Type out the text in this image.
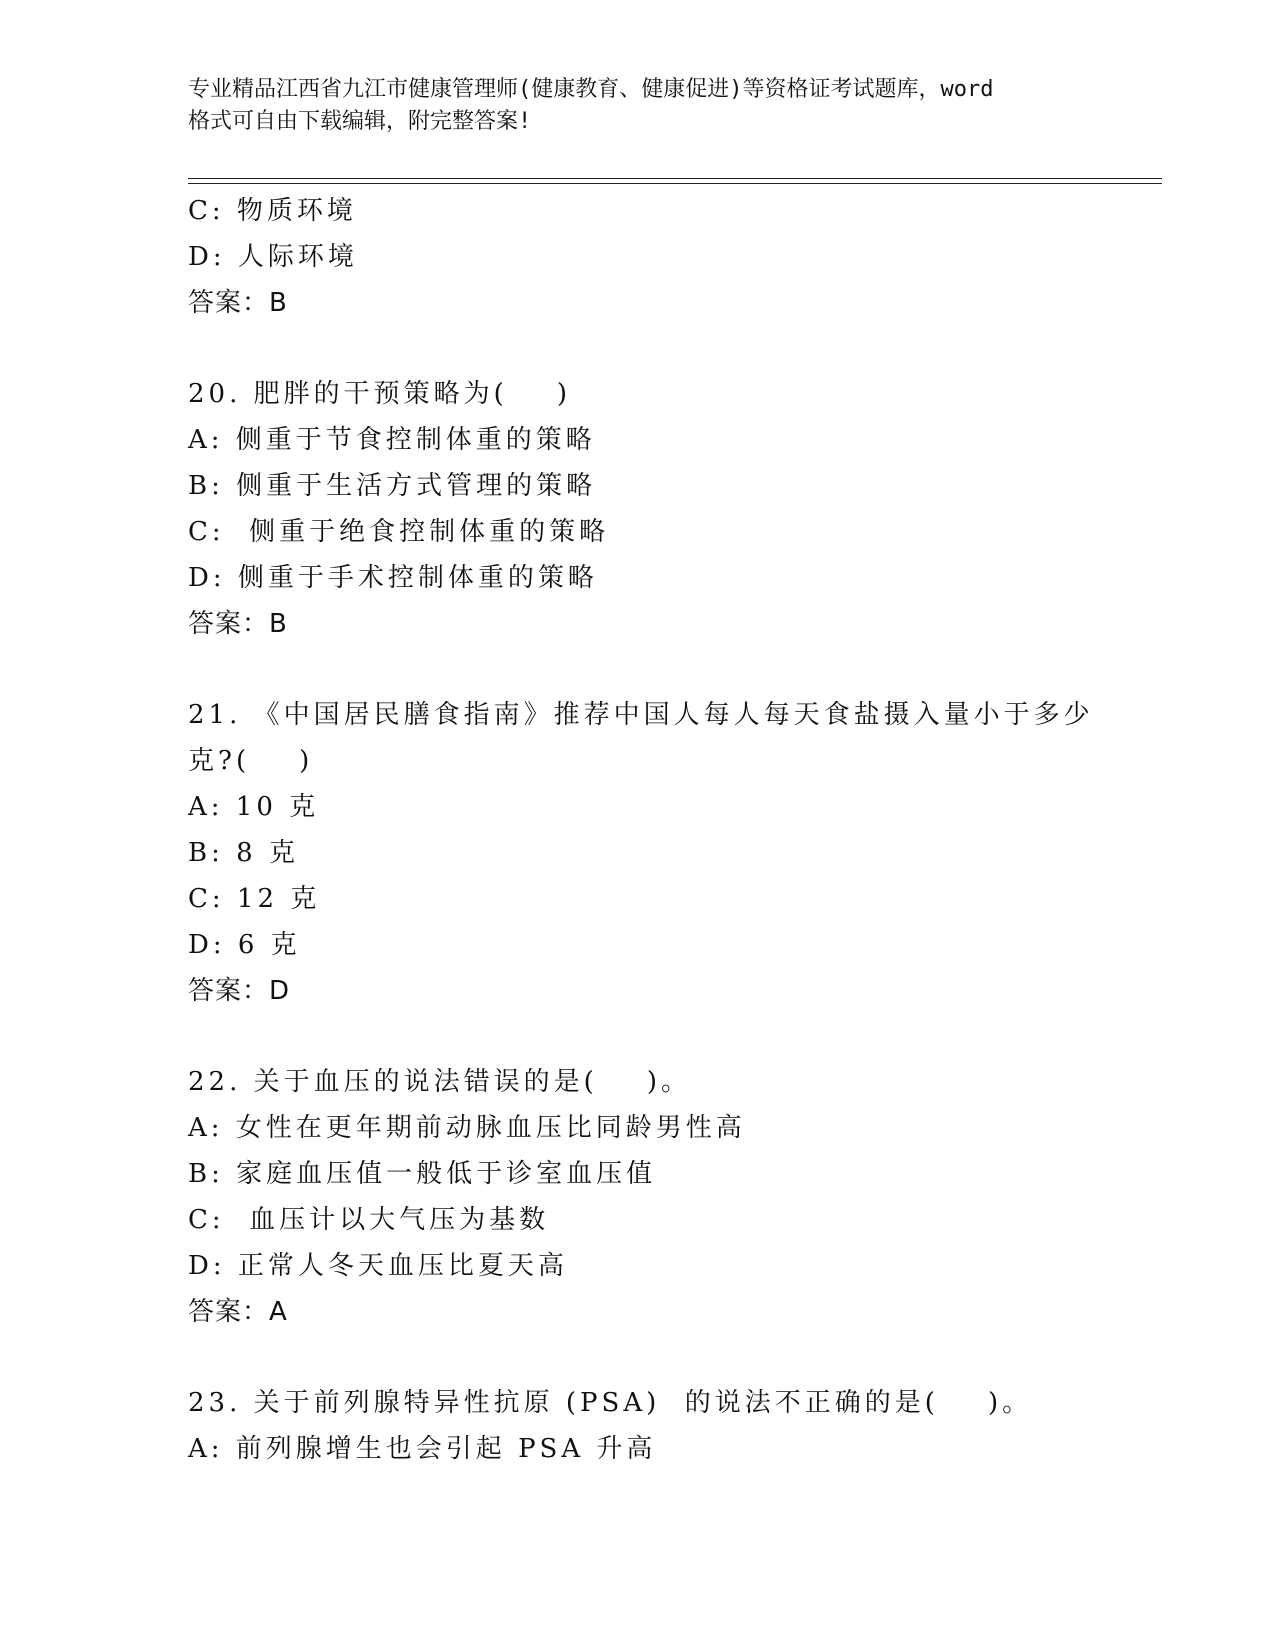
专业精品江西省九江市健康管理师(健康教育、健康促进)等资格证考试题库，word
格式可自由下载编辑，附完整答案!
C: 物质环境
D: 人际环境
答案：B
20. 肥胖的干预策略为(    )
A: 侧重于节食控制体重的策略
B: 侧重于生活方式管理的策略
C:  侧重于绝食控制体重的策略
D: 侧重于手术控制体重的策略
答案：B
21. 《中国居民膳食指南》推荐中国人每人每天食盐摄入量小于多少
克?(    )
A: 10 克
B: 8 克
C: 12 克
D: 6 克
答案：D
22. 关于血压的说法错误的是(    )。
A: 女性在更年期前动脉血压比同龄男性高
B: 家庭血压值一般低于诊室血压值
C:  血压计以大气压为基数
D: 正常人冬天血压比夏天高
答案：A
23. 关于前列腺特异性抗原 (PSA)  的说法不正确的是(    )。
A: 前列腺增生也会引起 PSA 升高
